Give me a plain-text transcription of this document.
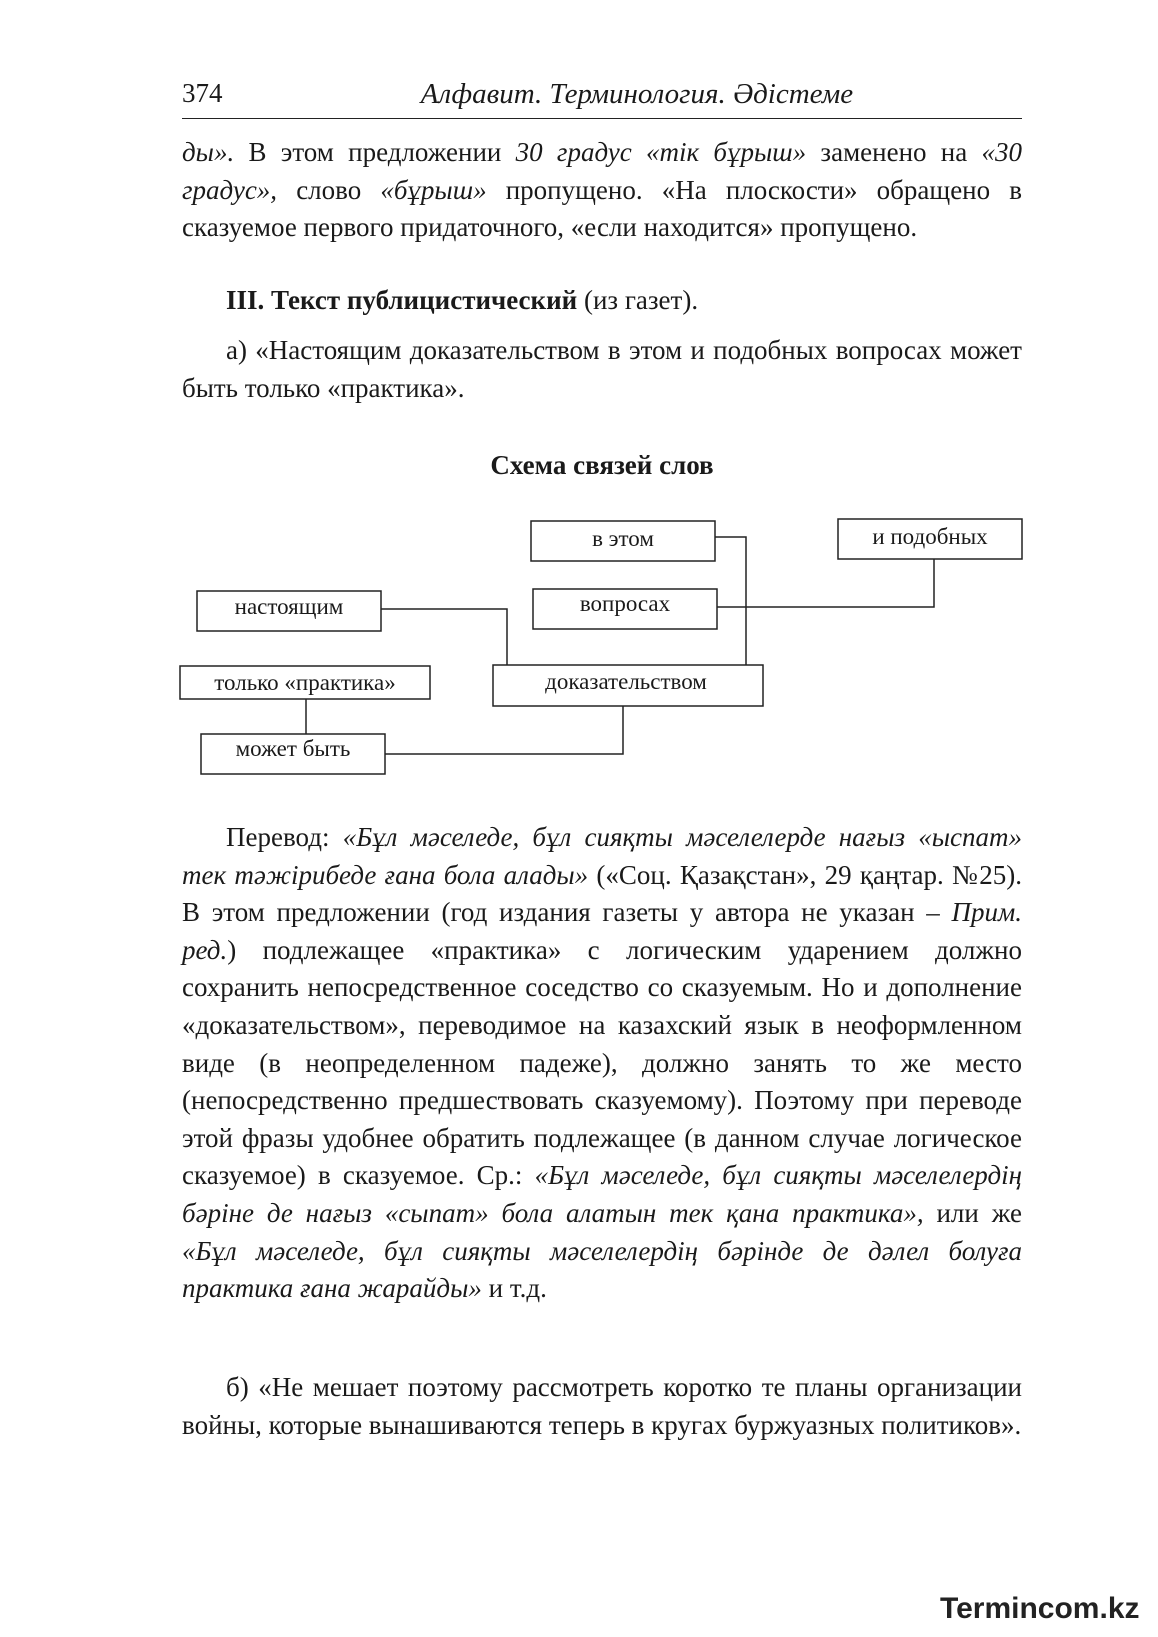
374	Алфавит. Терминология. Әдістеме

ды». В этом предложении 30 градус «тік бұрыш» заменено на «30 градус», слово «бұрыш» пропущено. «На плоскости» обращено в сказуемое первого придаточного, «если находится» пропущено.

III. Текст публицистический (из газет).

а) «Настоящим доказательством в этом и подобных вопросах может быть только «практика».

Схема связей слов
в этом	и подобных
настоящим	вопросах
только «практика»	доказательством
может быть

Перевод: «Бұл мәселеде, бұл сияқты мәселелерде нағыз «ыспат» тек тәжірибеде ғана бола алады» («Соц. Қазақстан», 29 қаңтар. №25). В этом предложении (год издания газеты у автора не указан – Прим. ред.) подлежащее «практика» с логическим ударением должно сохранить непосредственное соседство со сказуемым. Но и дополнение «доказательством», переводимое на казахский язык в неоформленном виде (в неопределенном падеже), должно занять то же место (непосредственно предшествовать сказуемому). Поэтому при переводе этой фразы удобнее обратить подлежащее (в данном случае логическое сказуемое) в сказуемое. Ср.: «Бұл мәселеде, бұл сияқты мәселелердің бәріне де нағыз «сыпат» бола алатын тек қана практика», или же «Бұл мәселеде, бұл сияқты мәселелердің бәрінде де дәлел болуға практика ғана жарайды» и т.д.

б) «Не мешает поэтому рассмотреть коротко те планы организации войны, которые вынашиваются теперь в кругах буржуазных политиков».

Termincom.kz
